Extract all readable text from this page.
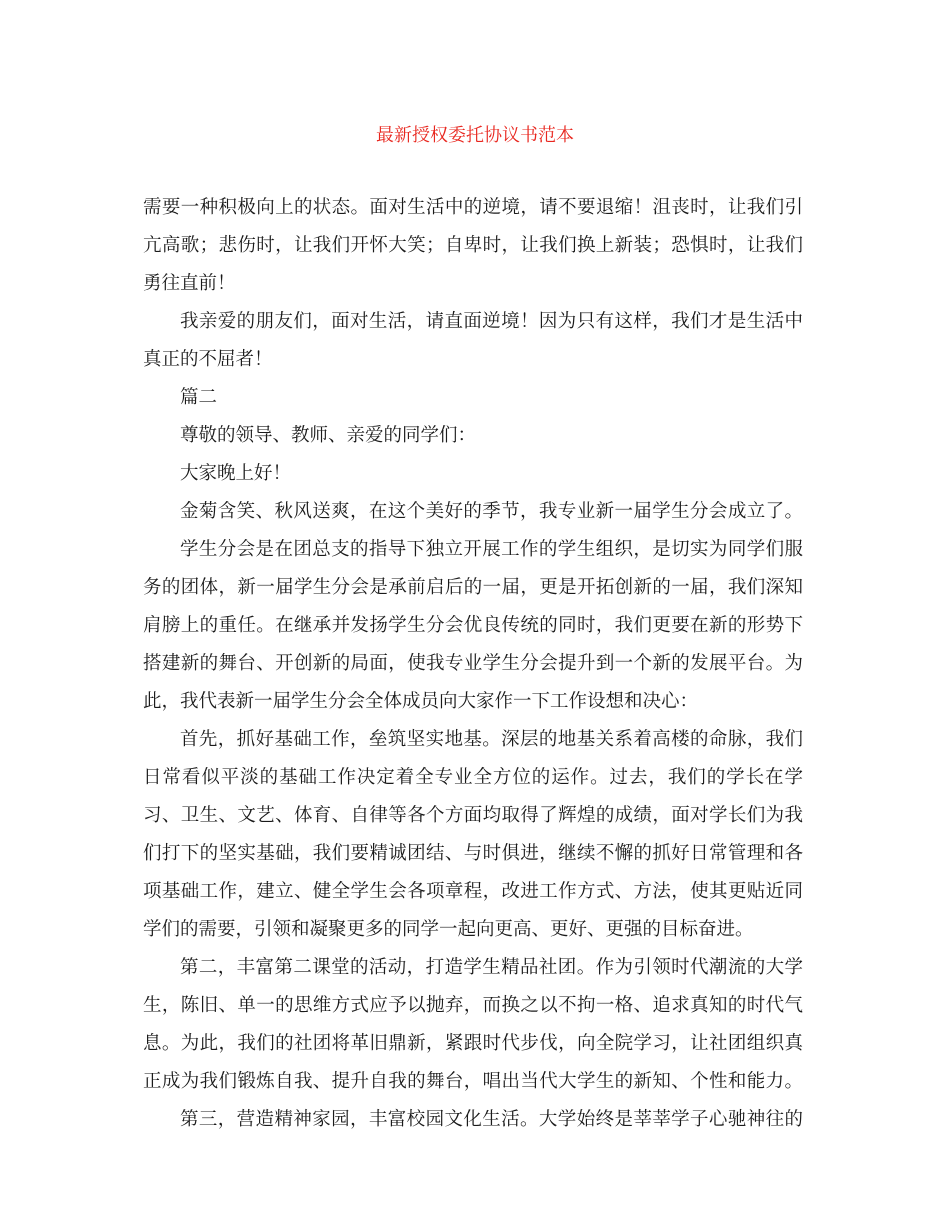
最新授权委托协议书范本
需要一种积极向上的状态。面对生活中的逆境，请不要退缩！沮丧时，让我们引
亢高歌；悲伤时，让我们开怀大笑；自卑时，让我们换上新装；恐惧时，让我们
勇往直前！
我亲爱的朋友们，面对生活，请直面逆境！因为只有这样，我们才是生活中
真正的不屈者！
篇二
尊敬的领导、教师、亲爱的同学们：
大家晚上好！
金菊含笑、秋风送爽，在这个美好的季节，我专业新一届学生分会成立了。
学生分会是在团总支的指导下独立开展工作的学生组织，是切实为同学们服
务的团体，新一届学生分会是承前启后的一届，更是开拓创新的一届，我们深知
肩膀上的重任。在继承并发扬学生分会优良传统的同时，我们更要在新的形势下
搭建新的舞台、开创新的局面，使我专业学生分会提升到一个新的发展平台。为
此，我代表新一届学生分会全体成员向大家作一下工作设想和决心：
首先，抓好基础工作，垒筑坚实地基。深层的地基关系着高楼的命脉，我们
日常看似平淡的基础工作决定着全专业全方位的运作。过去，我们的学长在学
习、卫生、文艺、体育、自律等各个方面均取得了辉煌的成绩，面对学长们为我
们打下的坚实基础，我们要精诚团结、与时俱进，继续不懈的抓好日常管理和各
项基础工作，建立、健全学生会各项章程，改进工作方式、方法，使其更贴近同
学们的需要，引领和凝聚更多的同学一起向更高、更好、更强的目标奋进。
第二，丰富第二课堂的活动，打造学生精品社团。作为引领时代潮流的大学
生，陈旧、单一的思维方式应予以抛弃，而换之以不拘一格、追求真知的时代气
息。为此，我们的社团将革旧鼎新，紧跟时代步伐，向全院学习，让社团组织真
正成为我们锻炼自我、提升自我的舞台，唱出当代大学生的新知、个性和能力。
第三，营造精神家园，丰富校园文化生活。大学始终是莘莘学子心驰神往的
